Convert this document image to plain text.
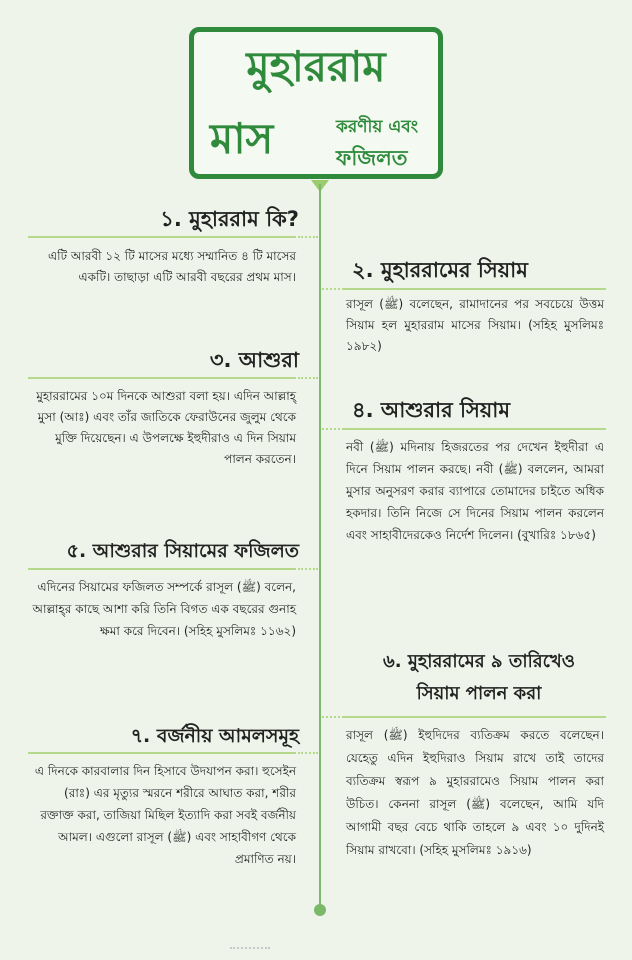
মুহাররাম
মাস	করণীয় এবং
ফজিলত
১. মুহাররাম কি?

এটি আরবী ১২ টি মাসের মধ্যে সম্মানিত ৪ টি মাসের একটি। তাছাড়া এটি আরবী বছরের প্রথম মাস।	২. মুহাররামের সিয়াম

রাসূল (ﷺ) বলেছেন, রামাদানের পর সবচেয়ে উত্তম সিয়াম হল মুহাররাম মাসের সিয়াম। (সহিহ মুসলিমঃ ১৯৮২)

৩. আশুরা

মুহাররামের ১০ম দিনকে আশুরা বলা হয়। এদিন আল্লাহ্‌ মুসা (আঃ) এবং তাঁর জাতিকে ফেরাউনের জুলুম থেকে মুক্তি দিয়েছেন। এ উপলক্ষে ইহুদীরাও এ দিন সিয়াম পালন করতেন।

৪. আশুরার সিয়াম

নবী (ﷺ) মদিনায় হিজরতের পর দেখেন ইহুদীরা এ দিনে সিয়াম পালন করছে। নবী (ﷺ) বললেন, আমরা মুসার অনুসরণ করার ব্যাপারে তোমাদের চাইতে অধিক হকদার। তিনি নিজে সে দিনের সিয়াম পালন করলেন এবং সাহাবীদেরকেও নির্দেশ দিলেন। (বুখারিঃ ১৮৬৫)

৫. আশুরার সিয়ামের ফজিলত

এদিনের সিয়ামের ফজিলত সম্পর্কে রাসূল (ﷺ) বলেন, আল্লাহ্‌র কাছে আশা করি তিনি বিগত এক বছরের গুনাহ ক্ষমা করে দিবেন। (সহিহ মুসলিমঃ ১১৬২)

৬. মুহাররামের ৯ তারিখেও
সিয়াম পালন করা

রাসূল (ﷺ) ইহুদিদের ব্যতিক্রম করতে বলেছেন। যেহেতু এদিন ইহুদিরাও সিয়াম রাখে তাই তাদের ব্যতিক্রম স্বরূপ ৯ মুহাররামেও সিয়াম পালন করা উচিত। কেননা রাসূল (ﷺ) বলেছেন, আমি যদি আগামী বছর বেচে থাকি তাহলে ৯ এবং ১০ দুদিনই সিয়াম রাখবো। (সহিহ মুসলিমঃ ১৯১৬)

৭. বর্জনীয় আমলসমূহ

এ দিনকে কারবালার দিন হিসাবে উদযাপন করা। হুসেইন (রাঃ) এর মৃত্যুর স্মরনে শরীরে আঘাত করা, শরীর রক্তাক্ত করা, তাজিয়া মিছিল ইত্যাদি করা সবই বর্জনীয় আমল। এগুলো রাসূল (ﷺ) এবং সাহাবীগণ থেকে প্রমাণিত নয়।
